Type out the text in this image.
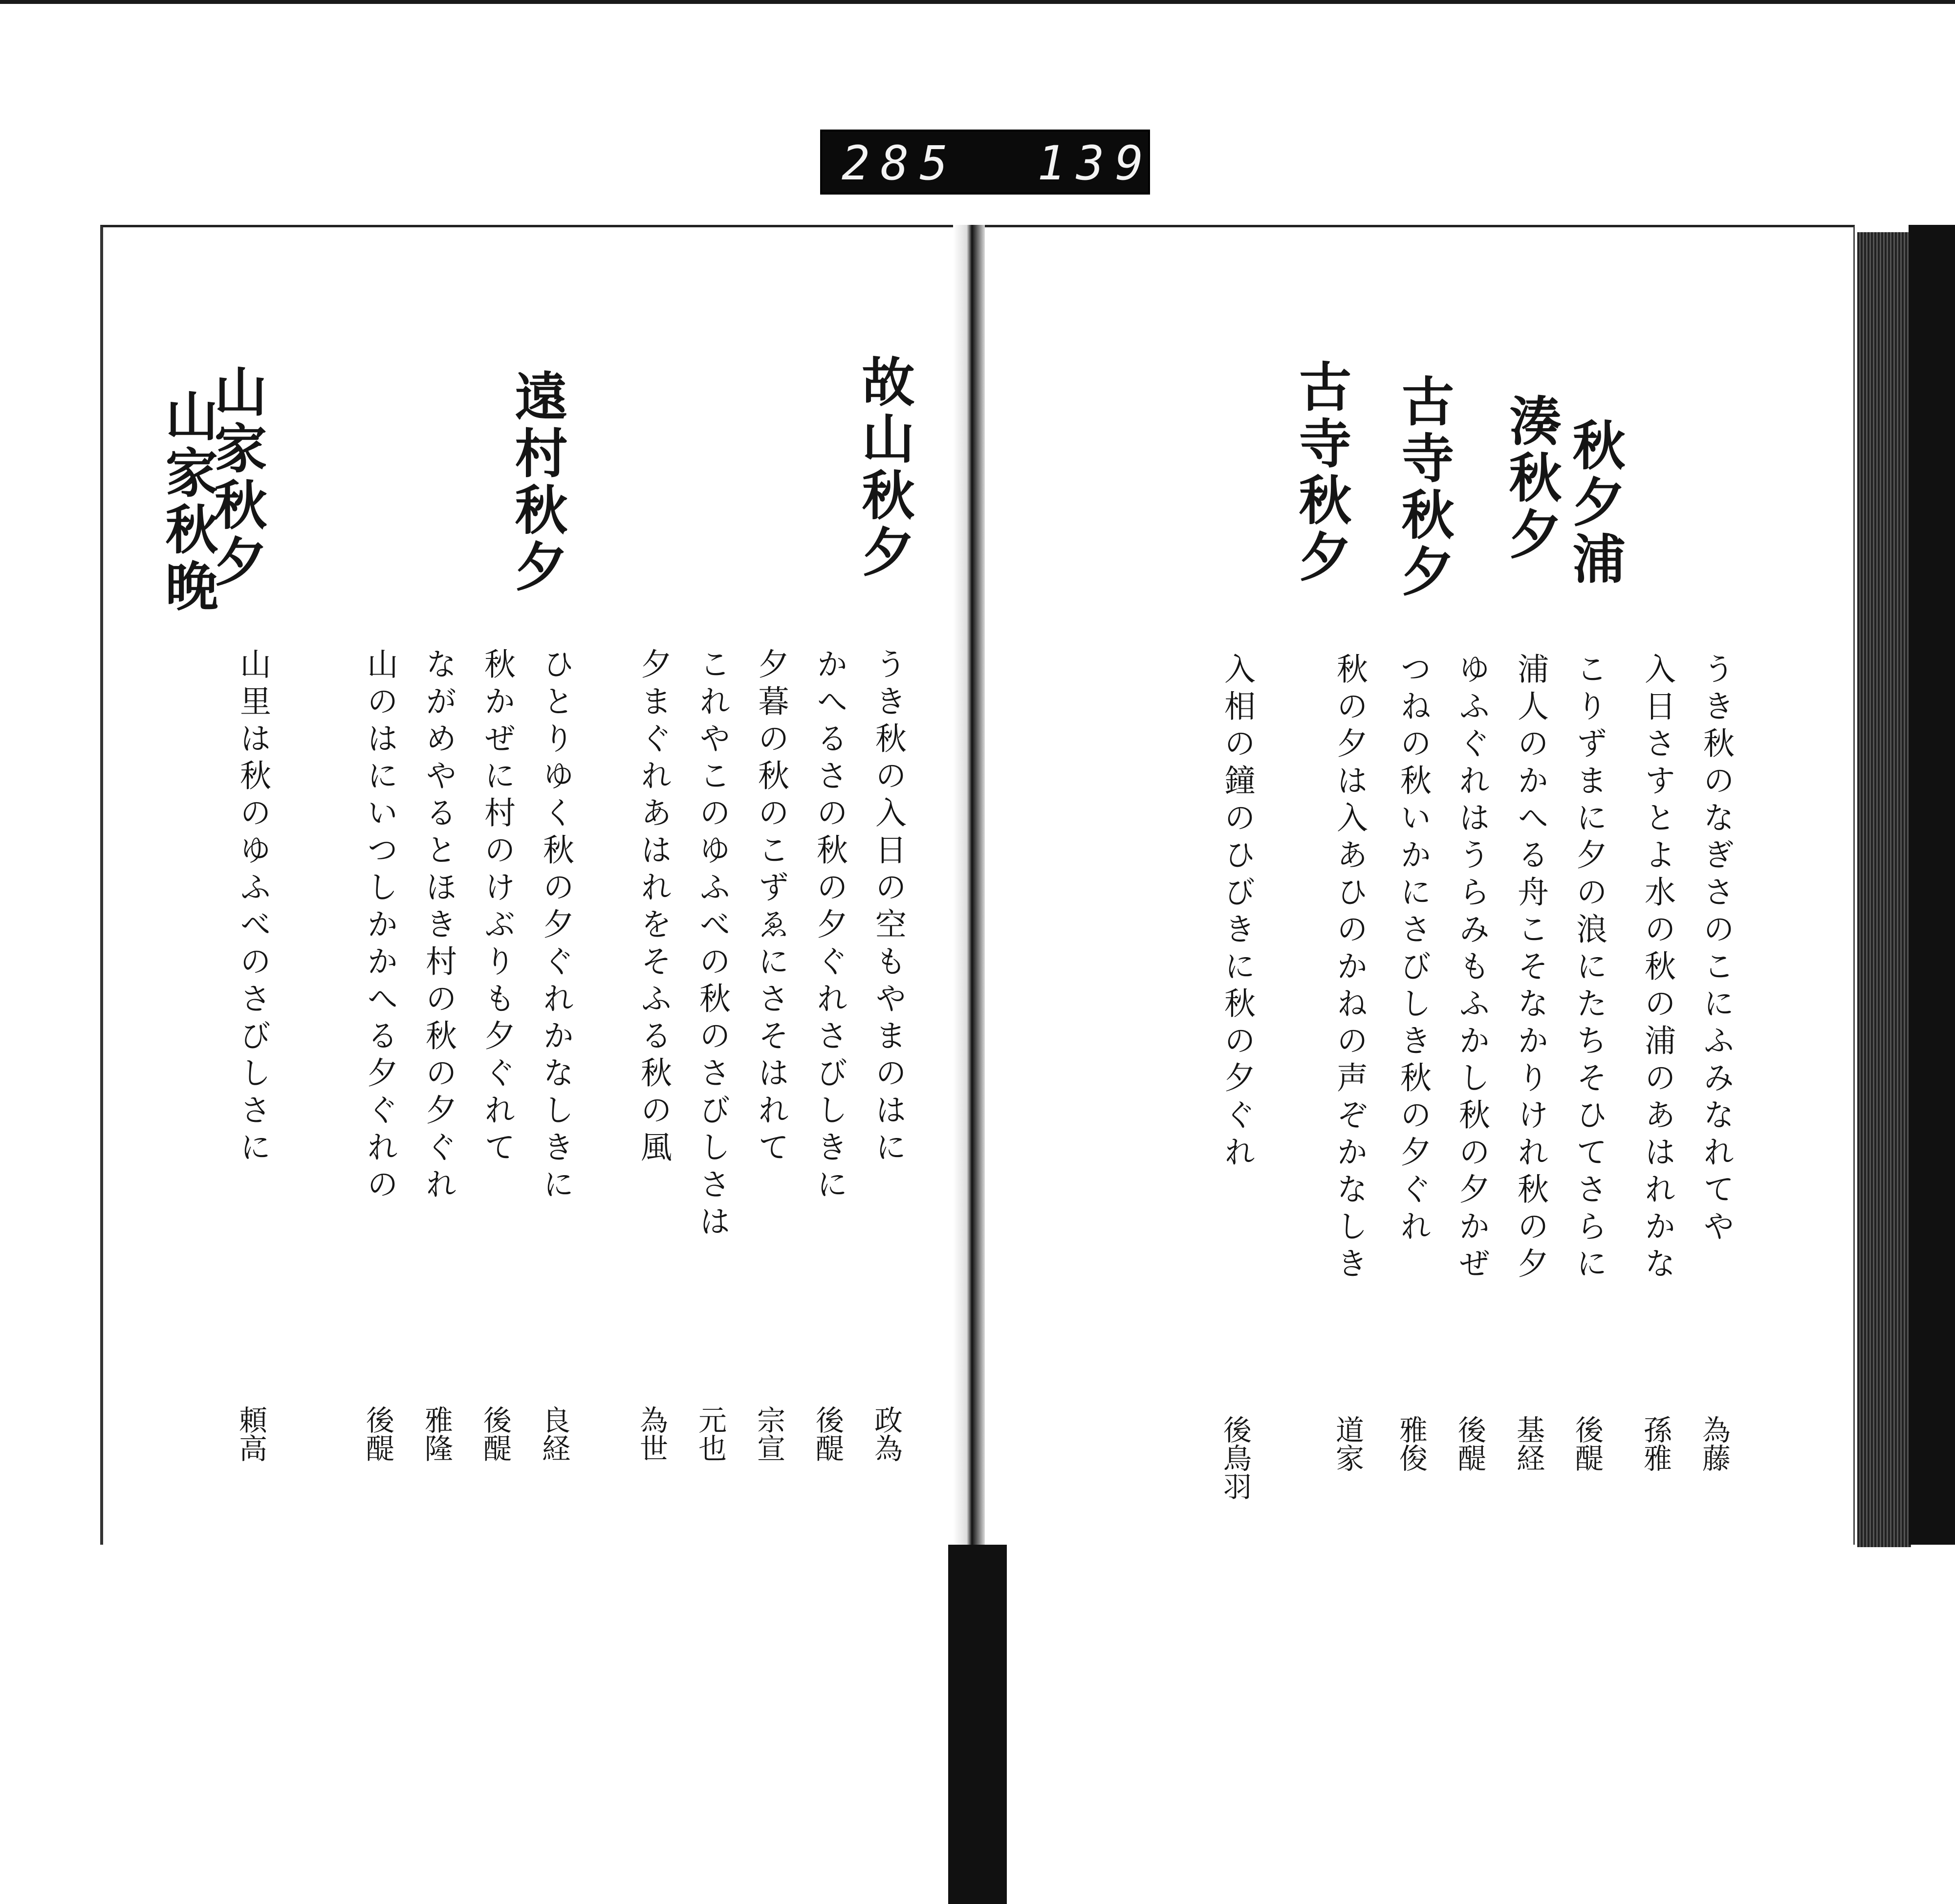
285 139
故山秋夕
遠村秋夕
山家秋夕
山家秋晚
うき秋の入日の空もやまのはに
政為
かへるさの秋の夕ぐれさびしきに
後醍
夕暮の秋のこずゑにさそはれて
宗宣
これやこのゆふべの秋のさびしさは
元也
夕まぐれあはれをそふる秋の風
為世
ひとりゆく秋の夕ぐれかなしきに
良経
秋かぜに村のけぶりも夕ぐれて
後醍
ながめやるとほき村の秋の夕ぐれ
雅隆
山のはにいつしかかへる夕ぐれの
後醍
山里は秋のゆふべのさびしさに
頼高
秋夕浦
湊秋夕
古寺秋夕
古寺秋夕
うき秋のなぎさのこにふみなれてや
為藤
入日さすとよ水の秋の浦のあはれかな
孫雅
こりずまに夕の浪にたちそひてさらに
後醍
浦人のかへる舟こそなかりけれ秋の夕
基経
ゆふぐれはうらみもふかし秋の夕かぜ
後醍
つねの秋いかにさびしき秋の夕ぐれ
雅俊
秋の夕は入あひのかねの声ぞかなしき
道家
入相の鐘のひびきに秋の夕ぐれ
後鳥羽
